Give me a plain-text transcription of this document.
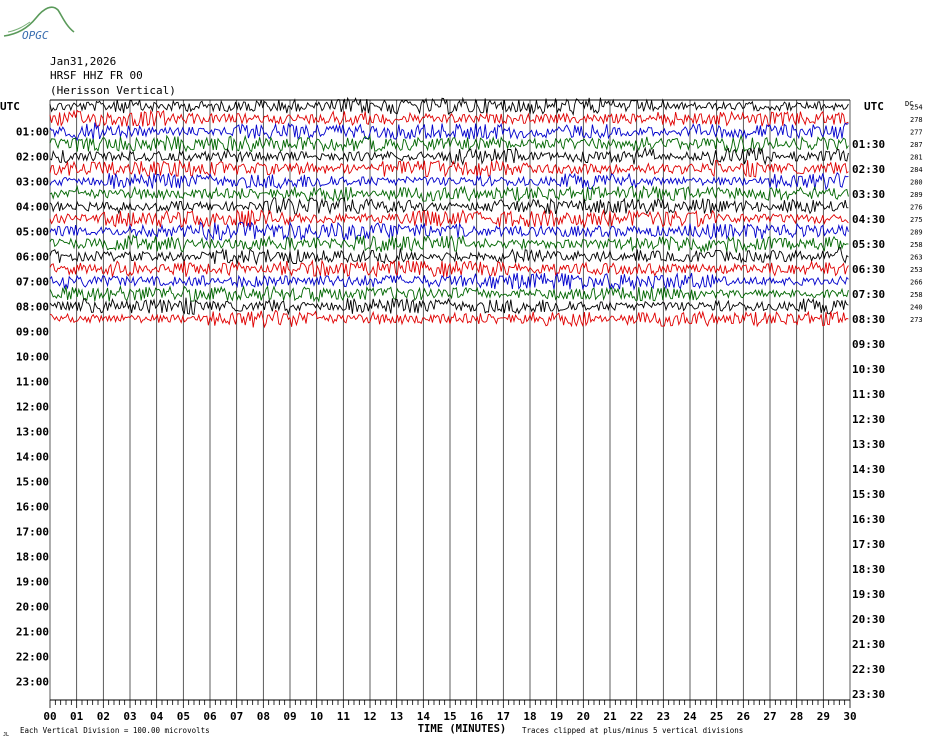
OPGC
Jan31,2026
HRSF HHZ FR 00
(Herisson Vertical)
00 01 02 03 04 05 06 07 08 09 10 11 12 13 14 15 16 17 18 19 20 21 22 23 24 25 26 27 28 29 30
TIME (MINUTES)
Each Vertical Division = 100.00 microvolts	Traces clipped at plus/minus 5 vertical divisions
JL
UTC	UTC	DC
01:00
02:00
03:00
04:00
05:00
06:00
07:00
08:00
09:00
10:00
11:00
12:00
13:00
14:00
15:00
16:00
17:00
18:00
19:00
20:00
21:00
22:00
23:00
01:30
02:30
03:30
04:30
05:30
06:30
07:30
08:30
09:30
10:30
11:30
12:30
13:30
14:30
15:30
16:30
17:30
18:30
19:30
20:30
21:30
22:30
23:30
254
278
277
287
281
284
280
289
276
275
289
258
263
253
266
258
240
273
